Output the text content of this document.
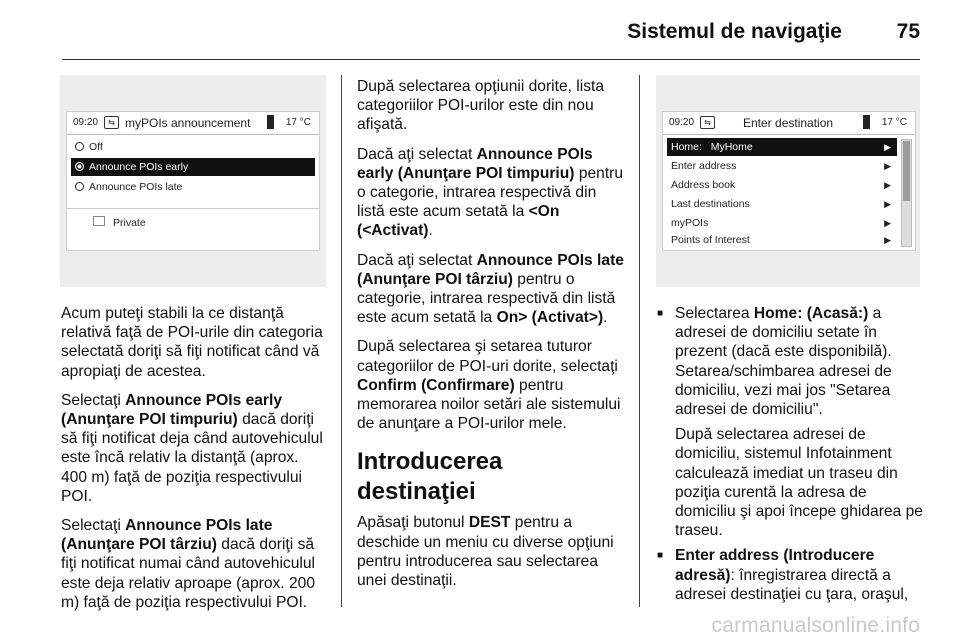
Sistemul de navigaţie	75
09:20	⇆ myPOIs announcement	17 °C
Off
Announce POIs early
Announce POIs late
Private
09:20	⇆	Enter destination	17 °C
Home: MyHome	▶
Enter address	▶
Address book	▶
Last destinations	▶
myPOIs	▶
Points of Interest	▶

Acum puteţi stabili la ce distanţă relativă faţă de POI-urile din categoria selectată doriţi să fiţi notificat când vă apropiaţi de acestea.

Selectaţi Announce POIs early (Anunţare POI timpuriu) dacă doriţi să fiţi notificat deja când autovehiculul este încă relativ la distanţă (aprox. 400 m) faţă de poziţia respectivului POI.

Selectaţi Announce POIs late (Anunţare POI târziu) dacă doriţi să fiţi notificat numai când autovehiculul este deja relativ aproape (aprox. 200 m) faţă de poziţia respectivului POI.

După selectarea opţiunii dorite, lista categoriilor POI-urilor este din nou afişată.

Dacă aţi selectat Announce POIs early (Anunţare POI timpuriu) pentru o categorie, intrarea respectivă din listă este acum setată la <On (<Activat).

Dacă aţi selectat Announce POIs late (Anunţare POI târziu) pentru o categorie, intrarea respectivă din listă este acum setată la On> (Activat>).

După selectarea şi setarea tuturor categoriilor de POI-uri dorite, selectaţi Confirm (Confirmare) pentru memorarea noilor setări ale sistemului de anunţare a POI-urilor mele.

Introducerea destinaţiei

Apăsaţi butonul DEST pentru a deschide un meniu cu diverse opţiuni pentru introducerea sau selectarea unei destinaţii.

■ Selectarea Home: (Acasă:) a adresei de domiciliu setate în prezent (dacă este disponibilă). Setarea/schimbarea adresei de domiciliu, vezi mai jos "Setarea adresei de domiciliu".
După selectarea adresei de domiciliu, sistemul Infotainment calculează imediat un traseu din poziţia curentă la adresa de domiciliu şi apoi începe ghidarea pe traseu.
■ Enter address (Introducere adresă): înregistrarea directă a adresei destinaţiei cu ţara, oraşul,
carmanualsonline.info
